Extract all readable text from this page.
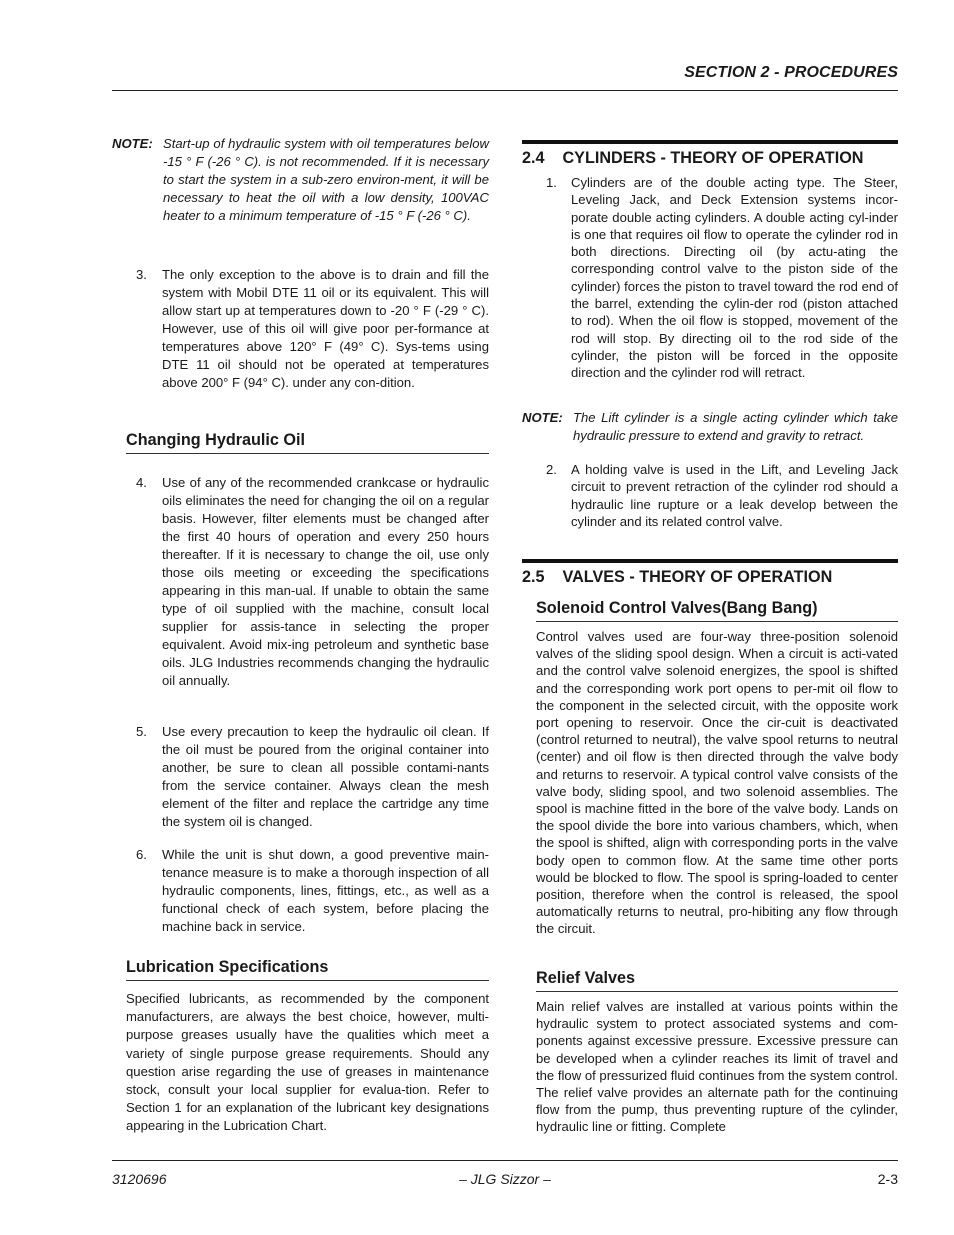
SECTION 2 - PROCEDURES
NOTE: Start-up of hydraulic system with oil temperatures below -15 ° F (-26 ° C). is not recommended. If it is necessary to start the system in a sub-zero environ-ment, it will be necessary to heat the oil with a low density, 100VAC heater to a minimum temperature of -15 ° F (-26 ° C).
3. The only exception to the above is to drain and fill the system with Mobil DTE 11 oil or its equivalent. This will allow start up at temperatures down to -20 ° F (-29 ° C). However, use of this oil will give poor per-formance at temperatures above 120° F (49° C). Sys-tems using DTE 11 oil should not be operated at temperatures above 200° F (94° C). under any con-dition.
Changing Hydraulic Oil
4. Use of any of the recommended crankcase or hydraulic oils eliminates the need for changing the oil on a regular basis. However, filter elements must be changed after the first 40 hours of operation and every 250 hours thereafter. If it is necessary to change the oil, use only those oils meeting or exceeding the specifications appearing in this man-ual. If unable to obtain the same type of oil supplied with the machine, consult local supplier for assis-tance in selecting the proper equivalent. Avoid mix-ing petroleum and synthetic base oils. JLG Industries recommends changing the hydraulic oil annually.
5. Use every precaution to keep the hydraulic oil clean. If the oil must be poured from the original container into another, be sure to clean all possible contami-nants from the service container. Always clean the mesh element of the filter and replace the cartridge any time the system oil is changed.
6. While the unit is shut down, a good preventive main-tenance measure is to make a thorough inspection of all hydraulic components, lines, fittings, etc., as well as a functional check of each system, before placing the machine back in service.
Lubrication Specifications
Specified lubricants, as recommended by the component manufacturers, are always the best choice, however, multi-purpose greases usually have the qualities which meet a variety of single purpose grease requirements. Should any question arise regarding the use of greases in maintenance stock, consult your local supplier for evalua-tion. Refer to Section 1 for an explanation of the lubricant key designations appearing in the Lubrication Chart.
2.4    CYLINDERS - THEORY OF OPERATION
1. Cylinders are of the double acting type. The Steer, Leveling Jack, and Deck Extension systems incor-porate double acting cylinders. A double acting cyl-inder is one that requires oil flow to operate the cylinder rod in both directions. Directing oil (by actu-ating the corresponding control valve to the piston side of the cylinder) forces the piston to travel toward the rod end of the barrel, extending the cylin-der rod (piston attached to rod). When the oil flow is stopped, movement of the rod will stop. By directing oil to the rod side of the cylinder, the piston will be forced in the opposite direction and the cylinder rod will retract.
NOTE: The Lift cylinder is a single acting cylinder which take hydraulic pressure to extend and gravity to retract.
2. A holding valve is used in the Lift, and Leveling Jack circuit to prevent retraction of the cylinder rod should a hydraulic line rupture or a leak develop between the cylinder and its related control valve.
2.5    VALVES - THEORY OF OPERATION
Solenoid Control Valves(Bang Bang)
Control valves used are four-way three-position solenoid valves of the sliding spool design. When a circuit is acti-vated and the control valve solenoid energizes, the spool is shifted and the corresponding work port opens to per-mit oil flow to the component in the selected circuit, with the opposite work port opening to reservoir. Once the cir-cuit is deactivated (control returned to neutral), the valve spool returns to neutral (center) and oil flow is then directed through the valve body and returns to reservoir. A typical control valve consists of the valve body, sliding spool, and two solenoid assemblies. The spool is machine fitted in the bore of the valve body. Lands on the spool divide the bore into various chambers, which, when the spool is shifted, align with corresponding ports in the valve body open to common flow. At the same time other ports would be blocked to flow. The spool is spring-loaded to center position, therefore when the control is released, the spool automatically returns to neutral, pro-hibiting any flow through the circuit.
Relief Valves
Main relief valves are installed at various points within the hydraulic system to protect associated systems and com-ponents against excessive pressure. Excessive pressure can be developed when a cylinder reaches its limit of travel and the flow of pressurized fluid continues from the system control. The relief valve provides an alternate path for the continuing flow from the pump, thus preventing rupture of the cylinder, hydraulic line or fitting. Complete
3120696	– JLG Sizzor –	2-3
